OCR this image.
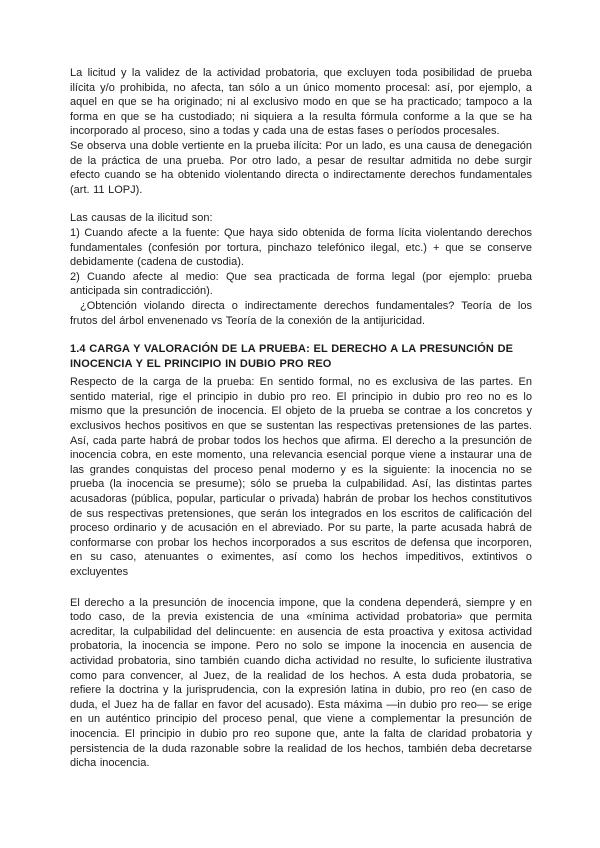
La licitud y la validez de la actividad probatoria, que excluyen toda posibilidad de prueba ilícita y/o prohibida, no afecta, tan sólo a un único momento procesal: así, por ejemplo, a aquel en que se ha originado; ni al exclusivo modo en que se ha practicado; tampoco a la forma en que se ha custodiado; ni siquiera a la resulta fórmula conforme a la que se ha incorporado al proceso, sino a todas y cada una de estas fases o períodos procesales.

Se observa una doble vertiente en la prueba ilícita: Por un lado, es una causa de denegación de la práctica de una prueba. Por otro lado, a pesar de resultar admitida no debe surgir efecto cuando se ha obtenido violentando directa o indirectamente derechos fundamentales (art. 11 LOPJ).

Las causas de la ilicitud son:

1) Cuando afecte a la fuente: Que haya sido obtenida de forma lícita violentando derechos fundamentales (confesión por tortura, pinchazo telefónico ilegal, etc.) + que se conserve debidamente (cadena de custodia).

2) Cuando afecte al medio: Que sea practicada de forma legal (por ejemplo: prueba anticipada sin contradicción).

¿Obtención violando directa o indirectamente derechos fundamentales? Teoría de los frutos del árbol envenenado vs Teoría de la conexión de la antijuricidad.

1.4 CARGA Y VALORACIÓN DE LA PRUEBA: EL DERECHO A LA PRESUNCIÓN DE INOCENCIA Y EL PRINCIPIO IN DUBIO PRO REO

Respecto de la carga de la prueba: En sentido formal, no es exclusiva de las partes. En sentido material, rige el principio in dubio pro reo. El principio in dubio pro reo no es lo mismo que la presunción de inocencia. El objeto de la prueba se contrae a los concretos y exclusivos hechos positivos en que se sustentan las respectivas pretensiones de las partes. Así, cada parte habrá de probar todos los hechos que afirma. El derecho a la presunción de inocencia cobra, en este momento, una relevancia esencial porque viene a instaurar una de las grandes conquistas del proceso penal moderno y es la siguiente: la inocencia no se prueba (la inocencia se presume); sólo se prueba la culpabilidad. Así, las distintas partes acusadoras (pública, popular, particular o privada) habrán de probar los hechos constitutivos de sus respectivas pretensiones, que serán los integrados en los escritos de calificación del proceso ordinario y de acusación en el abreviado. Por su parte, la parte acusada habrá de conformarse con probar los hechos incorporados a sus escritos de defensa que incorporen, en su caso, atenuantes o eximentes, así como los hechos impeditivos, extintivos o excluyentes

El derecho a la presunción de inocencia impone, que la condena dependerá, siempre y en todo caso, de la previa existencia de una «mínima actividad probatoria» que permita acreditar, la culpabilidad del delincuente: en ausencia de esta proactiva y exitosa actividad probatoria, la inocencia se impone. Pero no solo se impone la inocencia en ausencia de actividad probatoria, sino también cuando dicha actividad no resulte, lo suficiente ilustrativa como para convencer, al Juez, de la realidad de los hechos. A esta duda probatoria, se refiere la doctrina y la jurisprudencia, con la expresión latina in dubio, pro reo (en caso de duda, el Juez ha de fallar en favor del acusado). Esta máxima —in dubio pro reo— se erige en un auténtico principio del proceso penal, que viene a complementar la presunción de inocencia. El principio in dubio pro reo supone que, ante la falta de claridad probatoria y persistencia de la duda razonable sobre la realidad de los hechos, también deba decretarse dicha inocencia.
